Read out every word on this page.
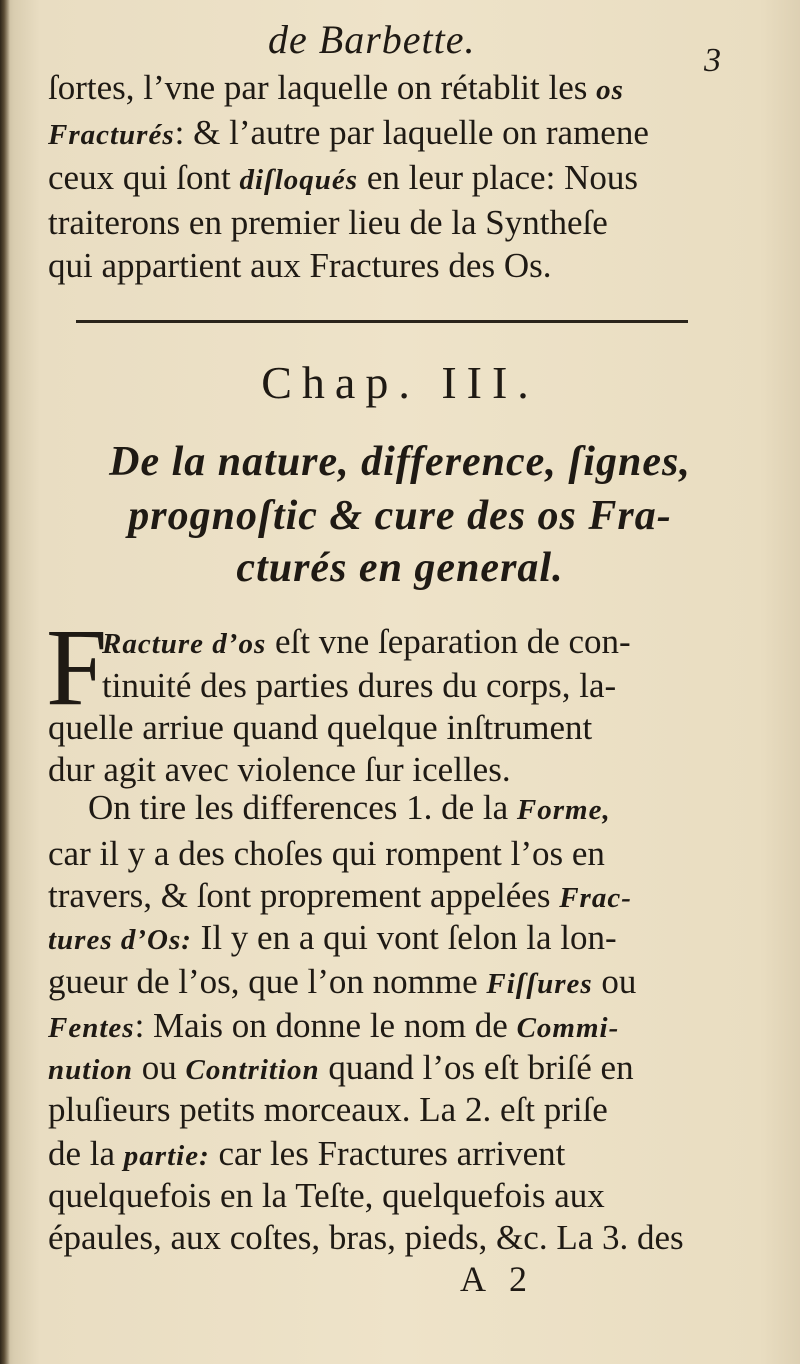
de Barbette.	3
ſortes, l’vne par laquelle on rétablit les os
Fracturés: & l’autre par laquelle on ramene
ceux qui ſont diſloqués en leur place: Nous
traiterons en premier lieu de la Syntheſe
qui appartient aux Fractures des Os.
Chap. III.
De la nature, difference, ſignes,
prognoſtic & cure des os Fra-
cturés en general.
F
Racture d’os eſt vne ſeparation de con-
tinuité des parties dures du corps, la-
quelle arriue quand quelque inſtrument
dur agit avec violence ſur icelles.
On tire les differences 1. de la Forme,
car il y a des choſes qui rompent l’os en
travers, & ſont proprement appelées Frac-
tures d’Os: Il y en a qui vont ſelon la lon-
gueur de l’os, que l’on nomme Fiſſures ou
Fentes: Mais on donne le nom de Commi-
nution ou Contrition quand l’os eſt briſé en
pluſieurs petits morceaux. La 2. eſt priſe
de la partie: car les Fractures arrivent
quelquefois en la Teſte, quelquefois aux
épaules, aux coſtes, bras, pieds, &c. La 3. des
A 2
